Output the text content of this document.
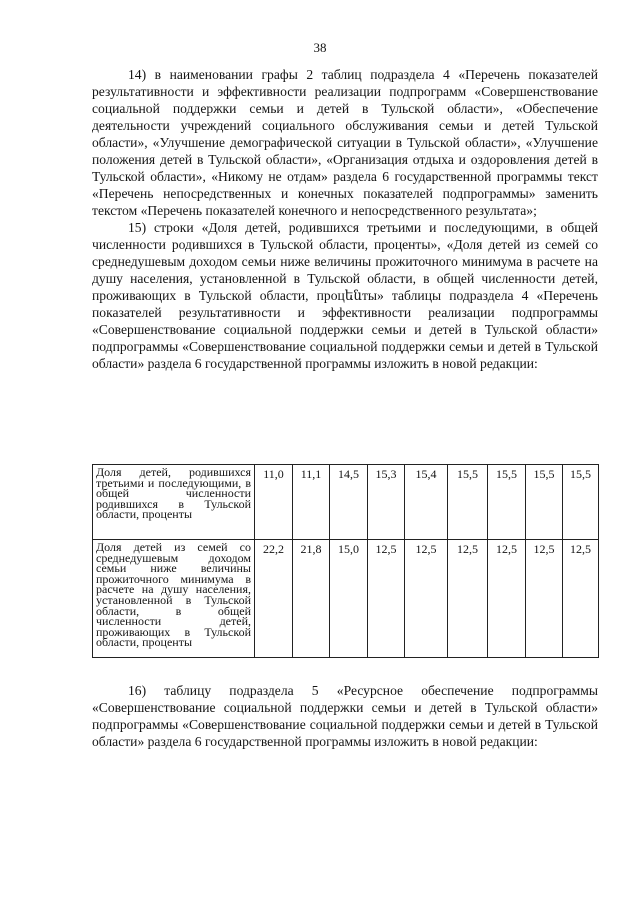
38

14) в наименовании графы 2 таблиц подраздела 4 «Перечень показателей результативности и эффективности реализации подпрограмм «Совершенствование социальной поддержки семьи и детей в Тульской области», «Обеспечение деятельности учреждений социального обслуживания семьи и детей Тульской области», «Улучшение демографической ситуации в Тульской области», «Улучшение положения детей в Тульской области», «Организация отдыха и оздоровления детей в Тульской области», «Никому не отдам» раздела 6 государственной программы текст «Перечень непосредственных и конечных показателей подпрограммы» заменить текстом «Перечень показателей конечного и непосредственного результата»;

15) строки «Доля детей, родившихся третьими и последующими, в общей численности родившихся в Тульской области, проценты», «Доля детей из семей со среднедушевым доходом семьи ниже величины прожиточного минимума в расчете на душу населения, установленной в Тульской области, в общей численности детей, проживающих в Тульской области, процենты» таблицы подраздела 4 «Перечень показателей результативности и эффективности реализации подпрограммы «Совершенствование социальной поддержки семьи и детей в Тульской области» подпрограммы «Совершенствование социальной поддержки семьи и детей в Тульской области» раздела 6 государственной программы изложить в новой редакции:

Доля детей, родившихся третьими и последующими, в общей численности родившихся в Тульской области, проценты	11,0	11,1	14,5	15,3	15,4	15,5	15,5	15,5	15,5
Доля детей из семей со среднедушевым доходом семьи ниже величины прожиточного минимума в расчете на душу населения, установленной в Тульской области, в общей численности детей, проживающих в Тульской области, проценты	22,2	21,8	15,0	12,5	12,5	12,5	12,5	12,5	12,5

16) таблицу подраздела 5 «Ресурсное обеспечение подпрограммы «Совершенствование социальной поддержки семьи и детей в Тульской области» подпрограммы «Совершенствование социальной поддержки семьи и детей в Тульской области» раздела 6 государственной программы изложить в новой редакции:
